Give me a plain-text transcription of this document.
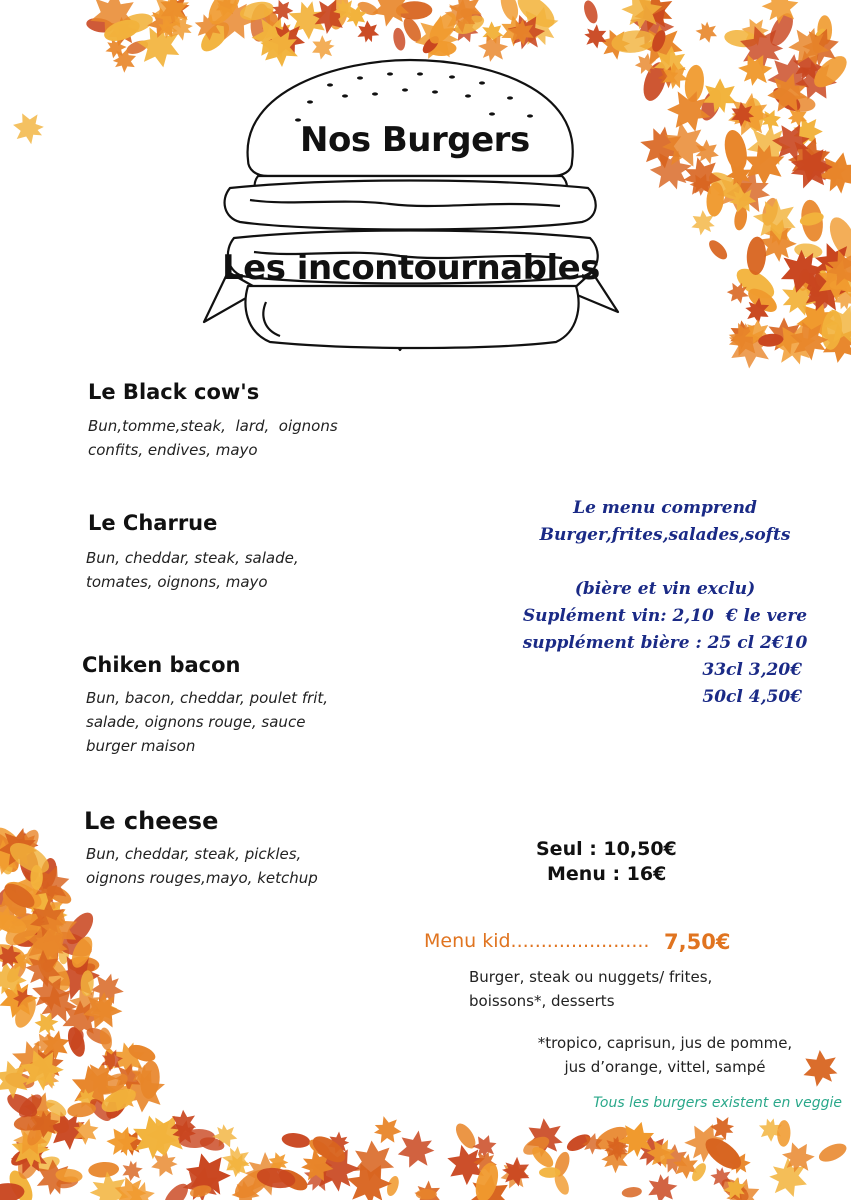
Nos Burgers
Les incontournables
Le Black cow's
Bun,tomme,steak,  lard,  oignons
confits, endives, mayo
Le Charrue
Bun, cheddar, steak, salade,
tomates, oignons, mayo
Chiken bacon
Bun, bacon, cheddar, poulet frit,
salade, oignons rouge, sauce
burger maison
Le cheese
Bun, cheddar, steak, pickles,
oignons rouges,mayo, ketchup
Le menu comprend
Burger,frites,salades,softs
(bière et vin exclu)
Suplément vin: 2,10  € le vere
supplément bière : 25 cl 2€10
33cl 3,20€
50cl 4,50€
Seul : 10,50€
Menu : 16€
Menu kid....................... 7,50€
Burger, steak ou nuggets/ frites,
boissons*, desserts
*tropico, caprisun, jus de pomme,
jus d’orange, vittel, sampé
Tous les burgers existent en veggie
